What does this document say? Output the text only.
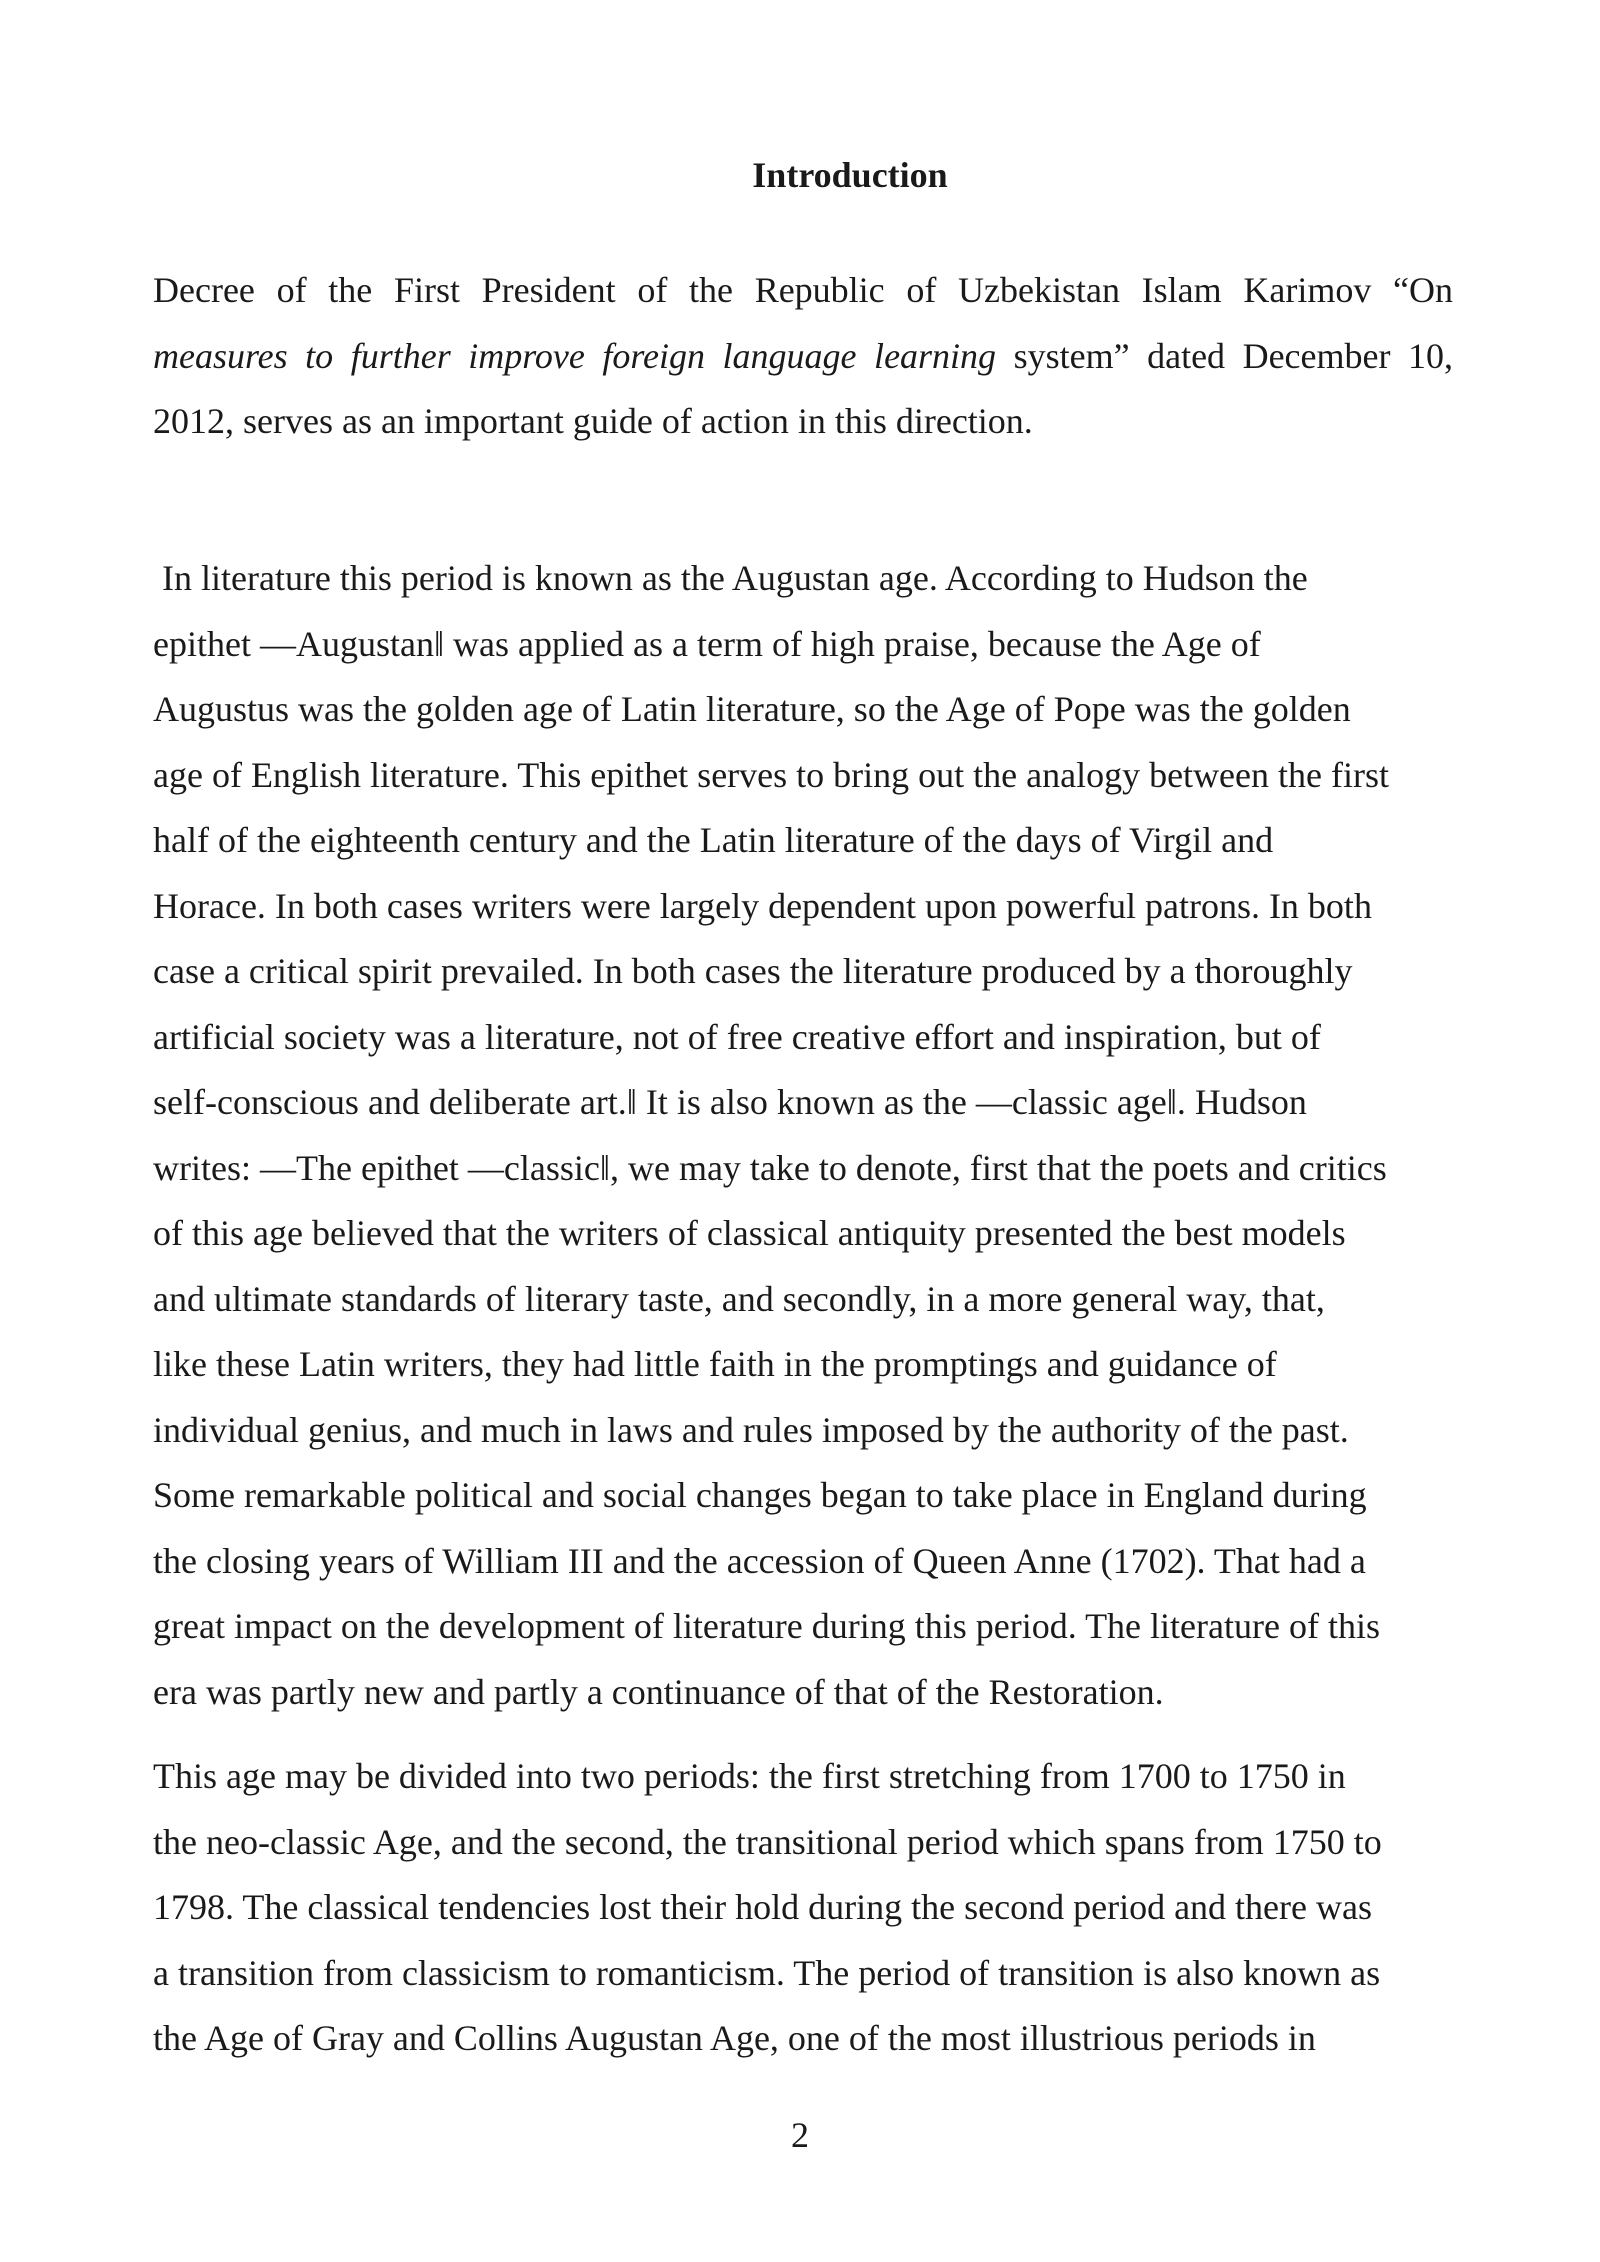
Introduction
Decree of the First President of the Republic of Uzbekistan Islam Karimov “On
measures to further improve foreign language learning system” dated December 10,
2012, serves as an important guide of action in this direction.
In literature this period is known as the Augustan age. According to Hudson the
epithet ―Augustan‖ was applied as a term of high praise, because the Age of
Augustus was the golden age of Latin literature, so the Age of Pope was the golden
age of English literature. This epithet serves to bring out the analogy between the first
half of the eighteenth century and the Latin literature of the days of Virgil and
Horace. In both cases writers were largely dependent upon powerful patrons. In both
case a critical spirit prevailed. In both cases the literature produced by a thoroughly
artificial society was a literature, not of free creative effort and inspiration, but of
self-conscious and deliberate art.‖ It is also known as the ―classic age‖. Hudson
writes: ―The epithet ―classic‖, we may take to denote, first that the poets and critics
of this age believed that the writers of classical antiquity presented the best models
and ultimate standards of literary taste, and secondly, in a more general way, that,
like these Latin writers, they had little faith in the promptings and guidance of
individual genius, and much in laws and rules imposed by the authority of the past.
Some remarkable political and social changes began to take place in England during
the closing years of William III and the accession of Queen Anne (1702). That had a
great impact on the development of literature during this period. The literature of this
era was partly new and partly a continuance of that of the Restoration.
This age may be divided into two periods: the first stretching from 1700 to 1750 in
the neo-classic Age, and the second, the transitional period which spans from 1750 to
1798. The classical tendencies lost their hold during the second period and there was
a transition from classicism to romanticism. The period of transition is also known as
the Age of Gray and Collins Augustan Age, one of the most illustrious periods in
2
